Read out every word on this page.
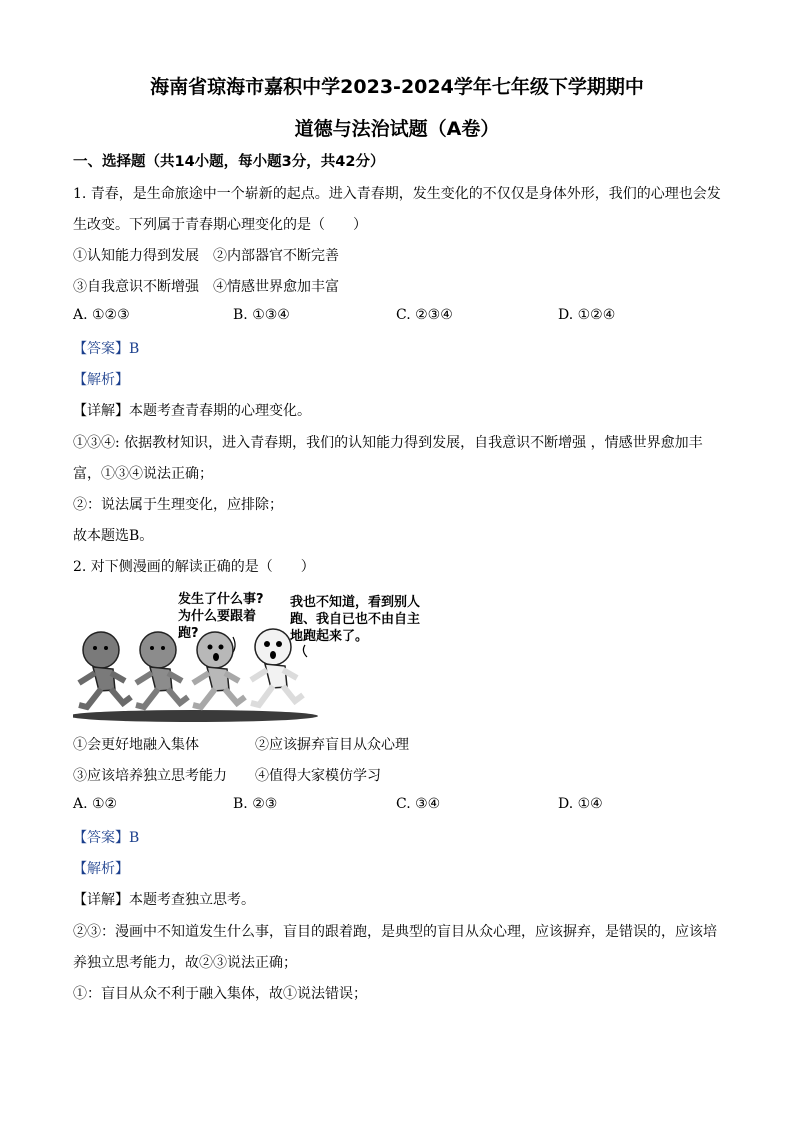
海南省琼海市嘉积中学2023-2024学年七年级下学期期中
道德与法治试题（A卷）
一、选择题（共14小题，每小题3分，共42分）
1. 青春，是生命旅途中一个崭新的起点。进入青春期，发生变化的不仅仅是身体外形，我们的心理也会发
生改变。下列属于青春期心理变化的是（　　）
①认知能力得到发展　②内部器官不断完善
③自我意识不断增强　④情感世界愈加丰富
A. ①②③	B. ①③④	C. ②③④	D. ①②④
【答案】B
【解析】
【详解】本题考查青春期的心理变化。
①③④: 依据教材知识，进入青春期，我们的认知能力得到发展，自我意识不断增强 ，情感世界愈加丰
富，①③④说法正确；
②：说法属于生理变化，应排除；
故本题选B。
2. 对下侧漫画的解读正确的是（　　）
发生了什么事?
为什么要跟着
跑?
我也不知道，看到别人
跑、我自已也不由自主
地跑起来了。
①会更好地融入集体　　　　②应该摒弃盲目从众心理
③应该培养独立思考能力　　④值得大家模仿学习
A. ①②	B. ②③	C. ③④	D. ①④
【答案】B
【解析】
【详解】本题考查独立思考。
②③：漫画中不知道发生什么事，盲目的跟着跑，是典型的盲目从众心理，应该摒弃，是错误的，应该培
养独立思考能力，故②③说法正确；
①：盲目从众不利于融入集体，故①说法错误；
